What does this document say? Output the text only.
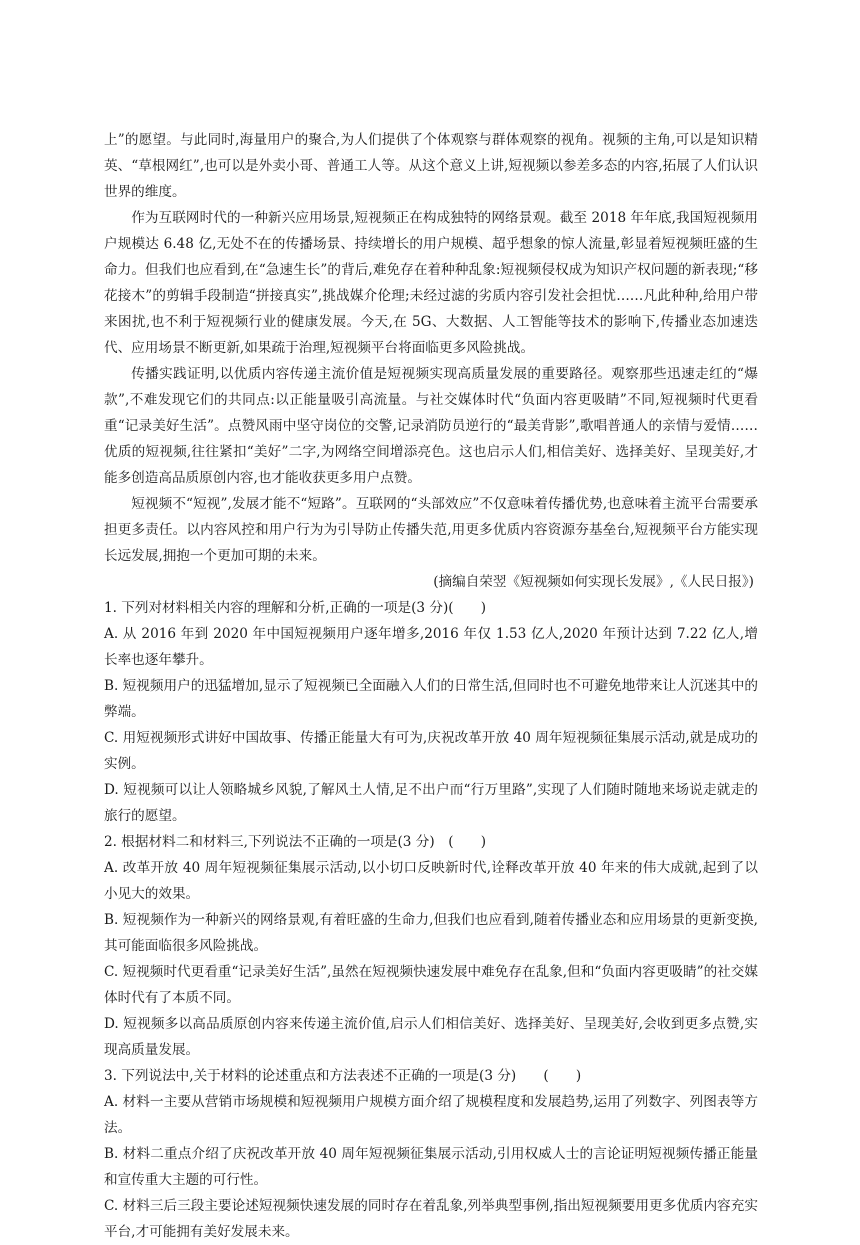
上”的愿望。与此同时,海量用户的聚合,为人们提供了个体观察与群体观察的视角。视频的主角,可以是知识精英、“草根网红”,也可以是外卖小哥、普通工人等。从这个意义上讲,短视频以参差多态的内容,拓展了人们认识世界的维度。

作为互联网时代的一种新兴应用场景,短视频正在构成独特的网络景观。截至 2018 年年底,我国短视频用户规模达 6.48 亿,无处不在的传播场景、持续增长的用户规模、超乎想象的惊人流量,彰显着短视频旺盛的生命力。但我们也应看到,在“急速生长”的背后,难免存在着种种乱象:短视频侵权成为知识产权问题的新表现;“移花接木”的剪辑手段制造“拼接真实”,挑战媒介伦理;未经过滤的劣质内容引发社会担忧……凡此种种,给用户带来困扰,也不利于短视频行业的健康发展。今天,在 5G、大数据、人工智能等技术的影响下,传播业态加速迭代、应用场景不断更新,如果疏于治理,短视频平台将面临更多风险挑战。

传播实践证明,以优质内容传递主流价值是短视频实现高质量发展的重要路径。观察那些迅速走红的“爆款”,不难发现它们的共同点:以正能量吸引高流量。与社交媒体时代“负面内容更吸睛”不同,短视频时代更看重“记录美好生活”。点赞风雨中坚守岗位的交警,记录消防员逆行的“最美背影”,歌唱普通人的亲情与爱情……优质的短视频,往往紧扣“美好”二字,为网络空间增添亮色。这也启示人们,相信美好、选择美好、呈现美好,才能多创造高品质原创内容,也才能收获更多用户点赞。

短视频不“短视”,发展才能不“短路”。互联网的“头部效应”不仅意味着传播优势,也意味着主流平台需要承担更多责任。以内容风控和用户行为为引导防止传播失范,用更多优质内容资源夯基垒台,短视频平台方能实现长远发展,拥抱一个更加可期的未来。

(摘编自荣翌《短视频如何实现长发展》,《人民日报》)

1. 下列对材料相关内容的理解和分析,正确的一项是(3 分)(　　)

A. 从 2016 年到 2020 年中国短视频用户逐年增多,2016 年仅 1.53 亿人,2020 年预计达到 7.22 亿人,增长率也逐年攀升。

B. 短视频用户的迅猛增加,显示了短视频已全面融入人们的日常生活,但同时也不可避免地带来让人沉迷其中的弊端。

C. 用短视频形式讲好中国故事、传播正能量大有可为,庆祝改革开放 40 周年短视频征集展示活动,就是成功的实例。

D. 短视频可以让人领略城乡风貌,了解风土人情,足不出户而“行万里路”,实现了人们随时随地来场说走就走的旅行的愿望。

2. 根据材料二和材料三,下列说法不正确的一项是(3 分)　(　　)

A. 改革开放 40 周年短视频征集展示活动,以小切口反映新时代,诠释改革开放 40 年来的伟大成就,起到了以小见大的效果。

B. 短视频作为一种新兴的网络景观,有着旺盛的生命力,但我们也应看到,随着传播业态和应用场景的更新变换,其可能面临很多风险挑战。

C. 短视频时代更看重“记录美好生活”,虽然在短视频快速发展中难免存在乱象,但和“负面内容更吸睛”的社交媒体时代有了本质不同。

D. 短视频多以高品质原创内容来传递主流价值,启示人们相信美好、选择美好、呈现美好,会收到更多点赞,实现高质量发展。

3. 下列说法中,关于材料的论述重点和方法表述不正确的一项是(3 分)　　(　　)

A. 材料一主要从营销市场规模和短视频用户规模方面介绍了规模程度和发展趋势,运用了列数字、列图表等方法。

B. 材料二重点介绍了庆祝改革开放 40 周年短视频征集展示活动,引用权威人士的言论证明短视频传播正能量和宣传重大主题的可行性。

C. 材料三后三段主要论述短视频快速发展的同时存在着乱象,列举典型事例,指出短视频要用更多优质内容充实平台,才可能拥有美好发展未来。
